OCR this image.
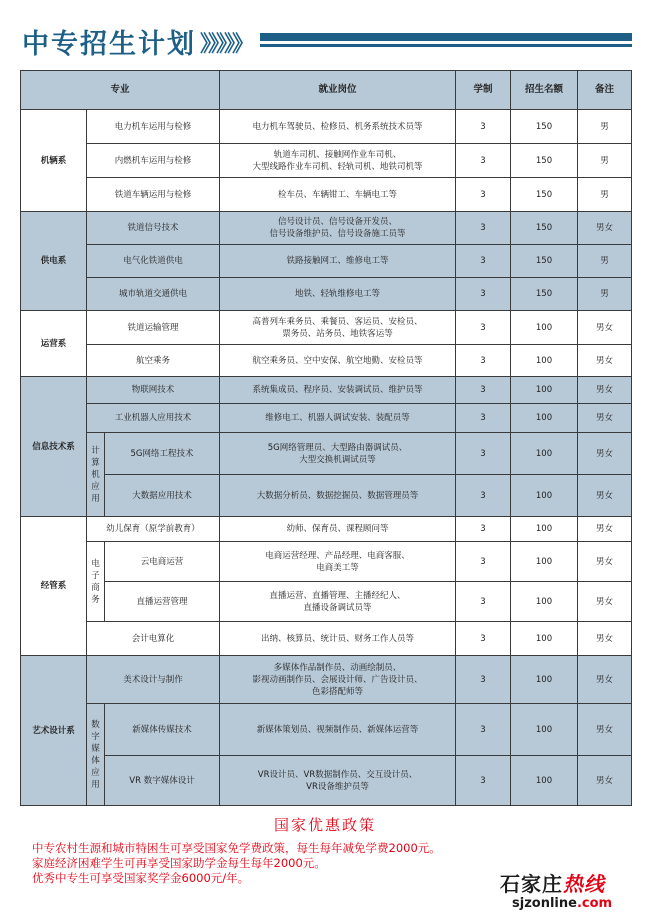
中专招生计划 》》》》》
专业			就业岗位	学制	招生名额	备注
机辆系	电力机车运用与检修		电力机车驾驶员、检修员、机务系统技术员等	3	150	男
	内燃机车运用与检修		轨道车司机、接触网作业车司机、
大型线路作业车司机、轻轨司机、地铁司机等	3	150	男
	铁道车辆运用与检修		检车员、车辆钳工、车辆电工等	3	150	男
供电系	铁道信号技术		信号设计员、信号设备开发员、
信号设备维护员、信号设备施工员等	3	150	男女
	电气化铁道供电		铁路接触网工、维修电工等	3	150	男
	城市轨道交通供电		地铁、轻轨维修电工等	3	150	男
运营系	铁道运输管理		高普列车乘务员、乘餐员、客运员、安检员、
票务员、站务员、地铁客运等	3	100	男女
	航空乘务		航空乘务员、空中安保、航空地勤、安检员等	3	100	男女
信息技术系	物联网技术		系统集成员、程序员、安装调试员、维护员等	3	100	男女
	工业机器人应用技术		维修电工、机器人调试安装、装配员等	3	100	男女
	计算机应用	5G网络工程技术	5G网络管理员、大型路由器调试员、
大型交换机调试员等	3	100	男女
		大数据应用技术	大数据分析员、数据挖掘员、数据管理员等	3	100	男女
经管系	幼儿保育（原学前教育）		幼师、保育员、课程顾问等	3	100	男女
	电子商务	云电商运营	电商运营经理、产品经理、电商客服、
电商美工等	3	100	男女
		直播运营管理	直播运营、直播管理、主播经纪人、
直播设备调试员等	3	100	男女
	会计电算化		出纳、核算员、统计员、财务工作人员等	3	100	男女
艺术设计系	美术设计与制作		多媒体作品制作员、动画绘制员、
影视动画制作员、会展设计师、广告设计员、
色彩搭配师等	3	100	男女
	数字媒体应用	新媒体传媒技术	新媒体策划员、视频制作员、新媒体运营等	3	100	男女
		VR 数字媒体设计	VR设计员、VR数据制作员、交互设计员、
VR设备维护员等	3	100	男女
国家优惠政策
中专农村生源和城市特困生可享受国家免学费政策，每生每年减免学费2000元。
家庭经济困难学生可再享受国家助学金每生每年2000元。
优秀中专生可享受国家奖学金6000元/年。	石家庄热线
sjzonline.com
